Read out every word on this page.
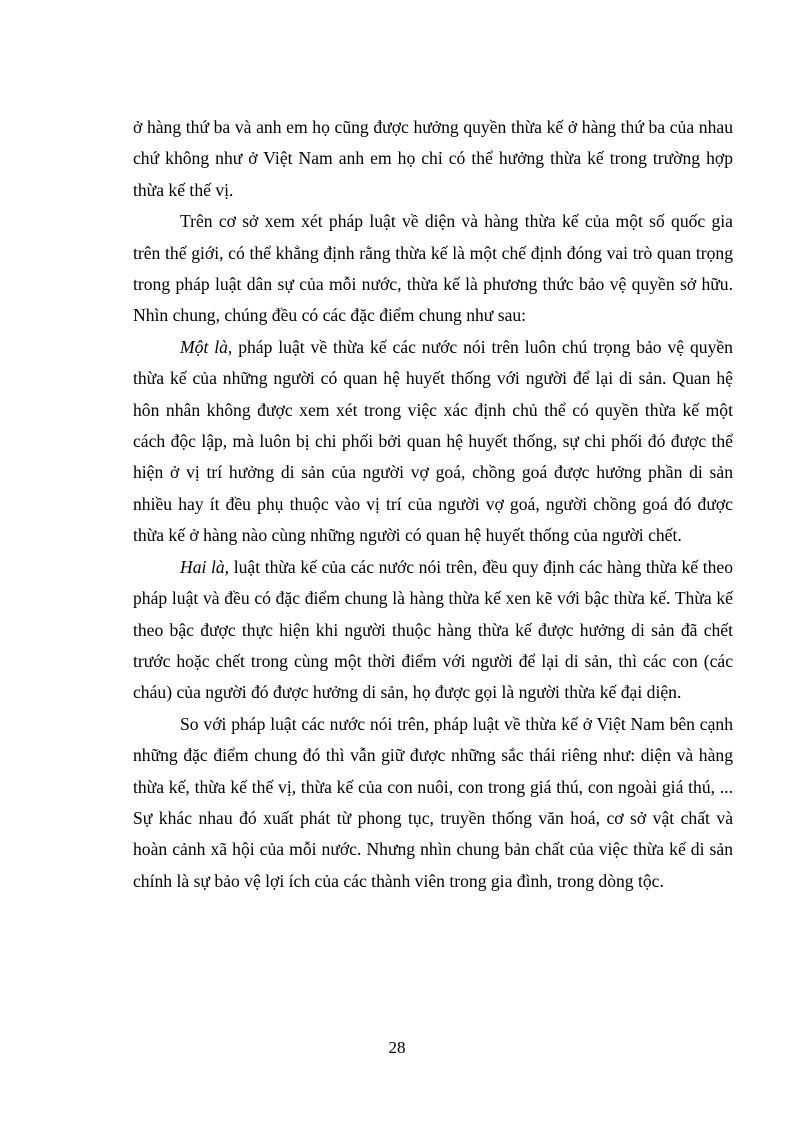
ở hàng thứ ba và anh em họ cũng được hưởng quyền thừa kế ở hàng thứ ba của nhau chứ không như ở Việt Nam anh em họ chỉ có thể hưởng thừa kế trong trường hợp thừa kế thế vị.

Trên cơ sở xem xét pháp luật về diện và hàng thừa kế của một số quốc gia trên thế giới, có thể khẳng định rằng thừa kế là một chế định đóng vai trò quan trọng trong pháp luật dân sự của mỗi nước, thừa kế là phương thức bảo vệ quyền sở hữu. Nhìn chung, chúng đều có các đặc điểm chung như sau:

Một là, pháp luật về thừa kế các nước nói trên luôn chú trọng bảo vệ quyền thừa kế của những người có quan hệ huyết thống với người để lại di sản. Quan hệ hôn nhân không được xem xét trong việc xác định chủ thể có quyền thừa kế một cách độc lập, mà luôn bị chi phối bởi quan hệ huyết thống, sự chi phối đó được thể hiện ở vị trí hưởng di sản của người vợ goá, chồng goá được hưởng phần di sản nhiều hay ít đều phụ thuộc vào vị trí của người vợ goá, người chồng goá đó được thừa kế ở hàng nào cùng những người có quan hệ huyết thống của người chết.

Hai là, luật thừa kế của các nước nói trên, đều quy định các hàng thừa kế theo pháp luật và đều có đặc điểm chung là hàng thừa kế xen kẽ với bậc thừa kế. Thừa kế theo bậc được thực hiện khi người thuộc hàng thừa kế được hưởng di sản đã chết trước hoặc chết trong cùng một thời điểm với người để lại di sản, thì các con (các cháu) của người đó được hưởng di sản, họ được gọi là người thừa kế đại diện.

So với pháp luật các nước nói trên, pháp luật về thừa kế ở Việt Nam bên cạnh những đặc điểm chung đó thì vẫn giữ được những sắc thái riêng như: diện và hàng thừa kế, thừa kế thế vị, thừa kế của con nuôi, con trong giá thú, con ngoài giá thú, ... Sự khác nhau đó xuất phát từ phong tục, truyền thống văn hoá, cơ sở vật chất và hoàn cảnh xã hội của mỗi nước. Nhưng nhìn chung bản chất của việc thừa kế di sản chính là sự bảo vệ lợi ích của các thành viên trong gia đình, trong dòng tộc.

28
